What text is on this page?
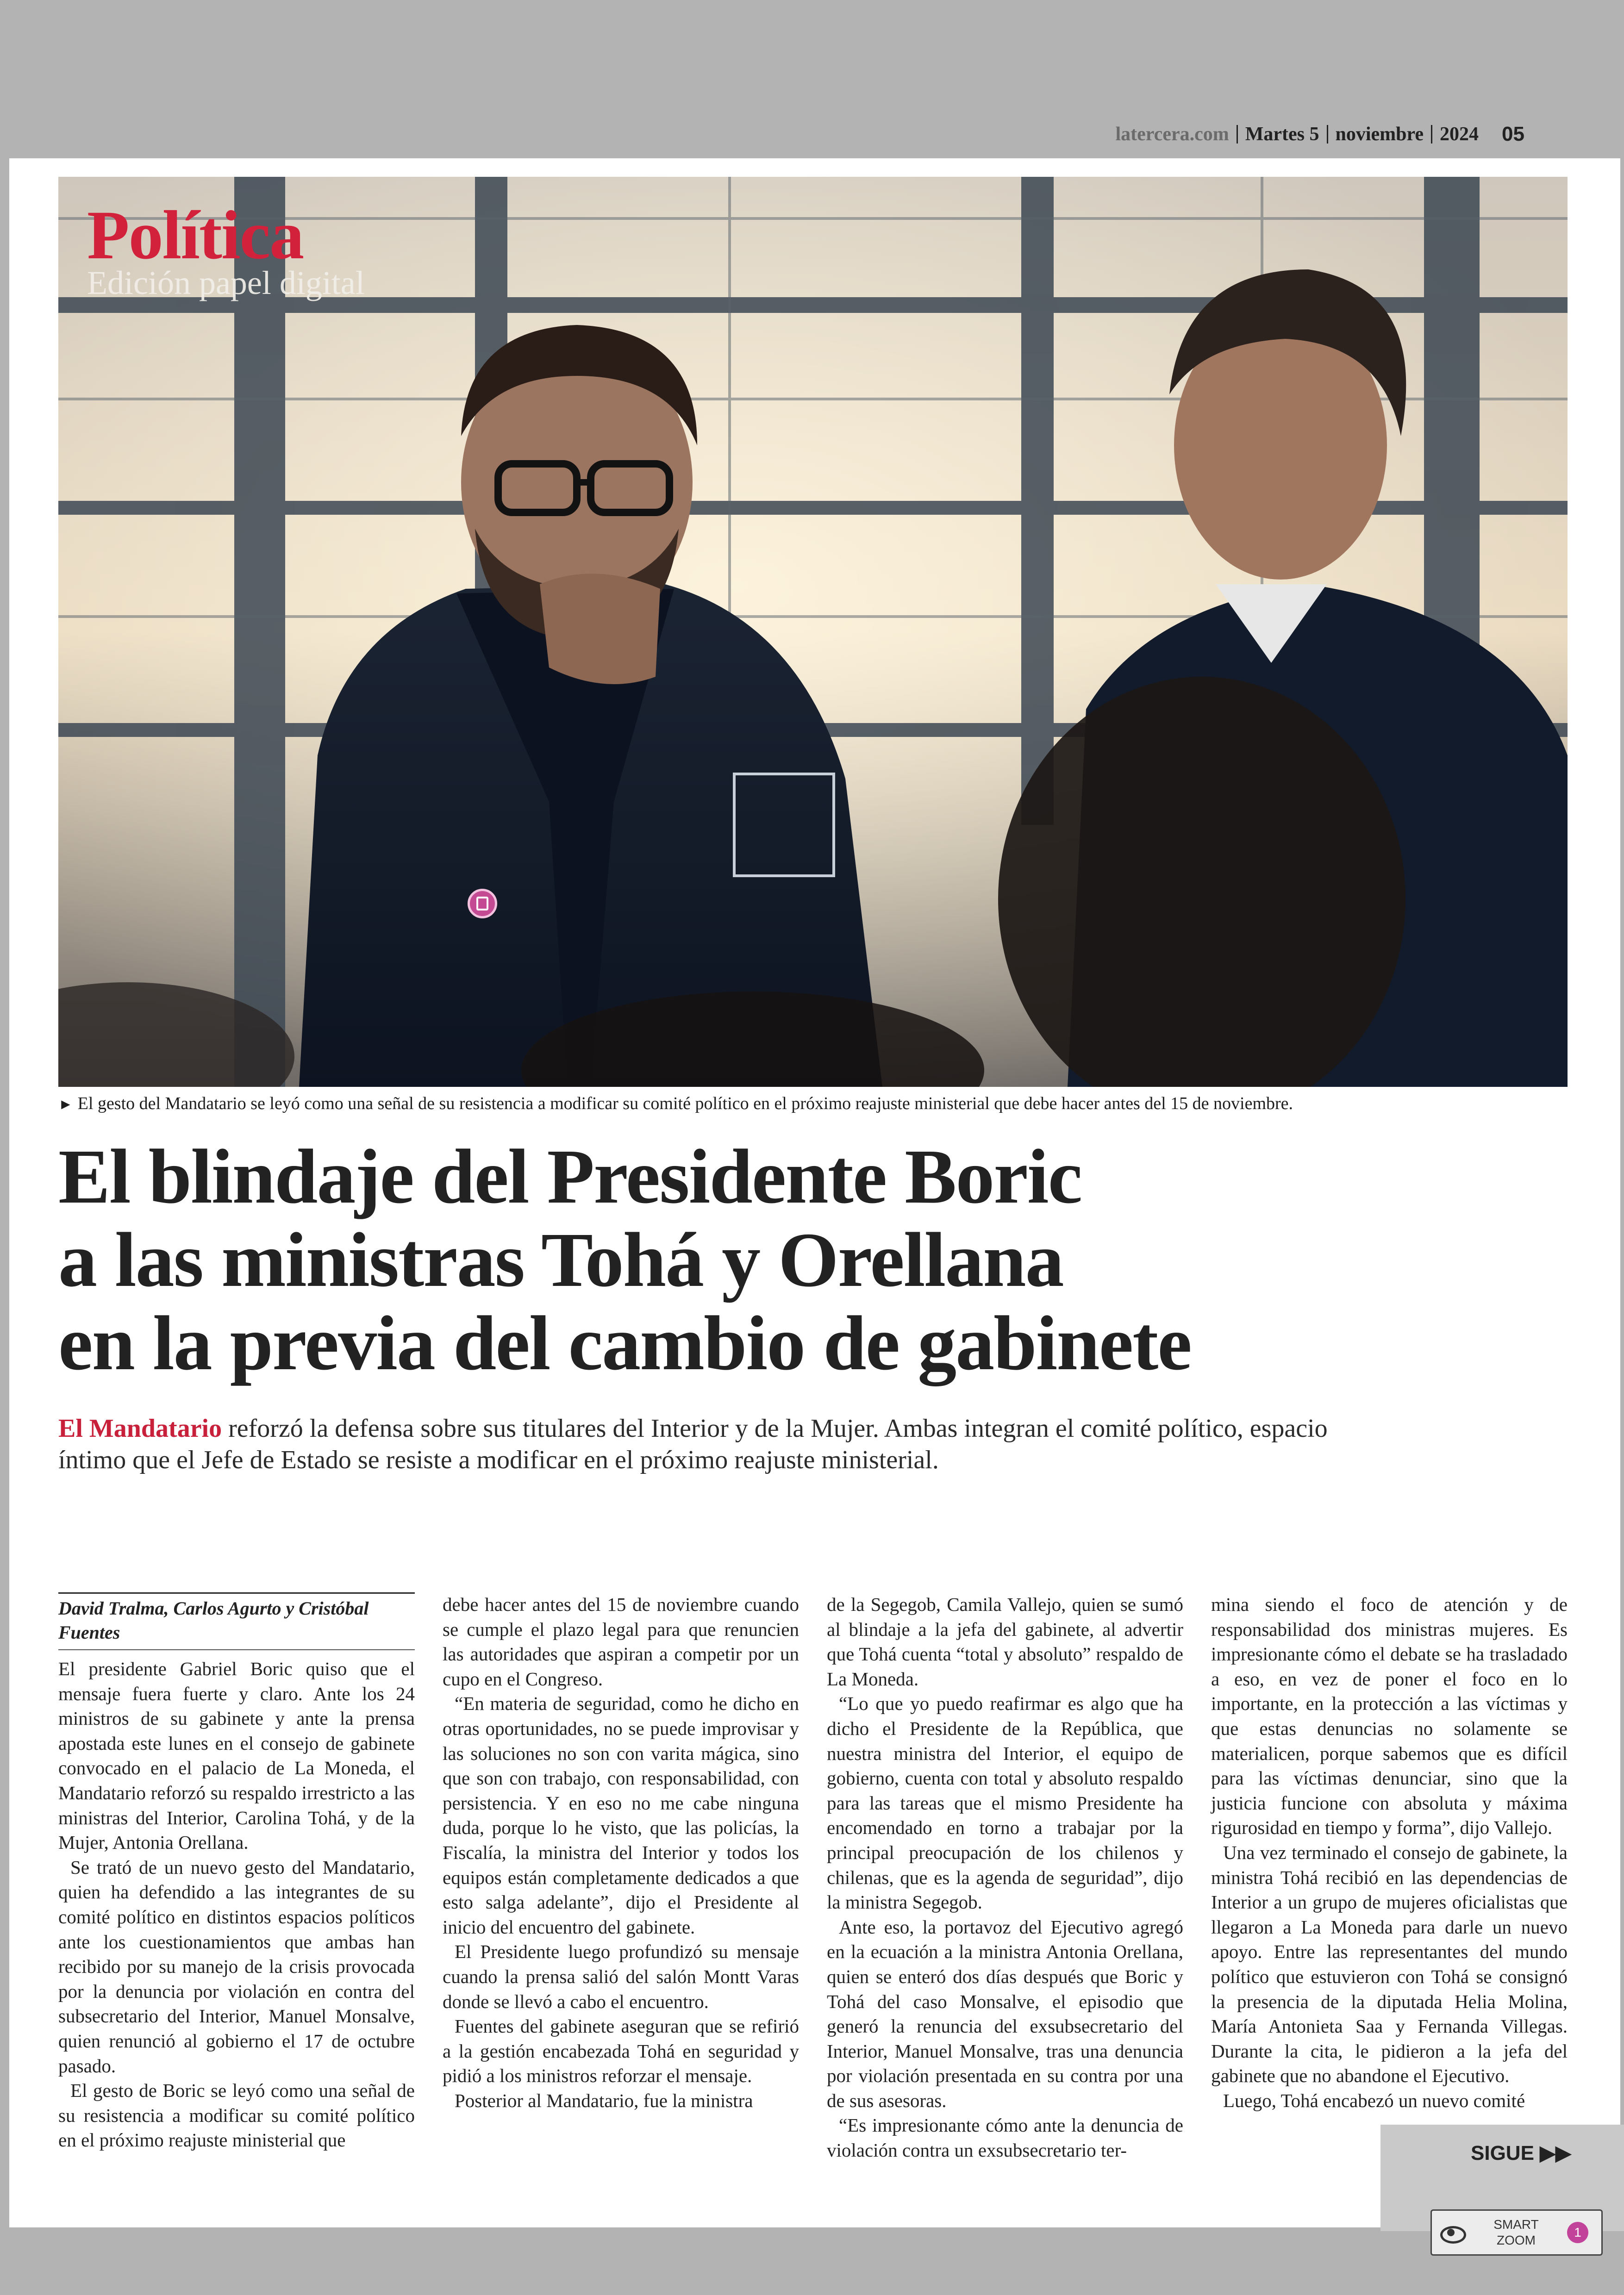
latercera.com Martes 5 noviembre 2024 05
Política
Edición papel digital
► El gesto del Mandatario se leyó como una señal de su resistencia a modificar su comité político en el próximo reajuste ministerial que debe hacer antes del 15 de noviembre.
El blindaje del Presidente Boric
a las ministras Tohá y Orellana
en la previa del cambio de gabinete
El Mandatario reforzó la defensa sobre sus titulares del Interior y de la Mujer. Ambas integran el comité político, espacio íntimo que el Jefe de Estado se resiste a modificar en el próximo reajuste ministerial.
David Tralma, Carlos Agurto y Cristóbal Fuentes

El presidente Gabriel Boric quiso que el mensaje fuera fuerte y claro. Ante los 24 ministros de su gabinete y ante la prensa apostada este lunes en el consejo de gabinete convocado en el palacio de La Moneda, el Mandatario reforzó su respaldo irrestricto a las ministras del Interior, Carolina Tohá, y de la Mujer, Antonia Orellana.

Se trató de un nuevo gesto del Mandatario, quien ha defendido a las integrantes de su comité político en distintos espacios políticos ante los cuestionamientos que ambas han recibido por su manejo de la crisis provocada por la denuncia por violación en contra del subsecretario del Interior, Manuel Monsalve, quien renunció al gobierno el 17 de octubre pasado.

El gesto de Boric se leyó como una señal de su resistencia a modificar su comité político en el próximo reajuste ministerial que

debe hacer antes del 15 de noviembre cuando se cumple el plazo legal para que renuncien las autoridades que aspiran a competir por un cupo en el Congreso.

“En materia de seguridad, como he dicho en otras oportunidades, no se puede improvisar y las soluciones no son con varita mágica, sino que son con trabajo, con responsabilidad, con persistencia. Y en eso no me cabe ninguna duda, porque lo he visto, que las policías, la Fiscalía, la ministra del Interior y todos los equipos están completamente dedicados a que esto salga adelante”, dijo el Presidente al inicio del encuentro del gabinete.

El Presidente luego profundizó su mensaje cuando la prensa salió del salón Montt Varas donde se llevó a cabo el encuentro.

Fuentes del gabinete aseguran que se refirió a la gestión encabezada Tohá en seguridad y pidió a los ministros reforzar el mensaje.

Posterior al Mandatario, fue la ministra

de la Segegob, Camila Vallejo, quien se sumó al blindaje a la jefa del gabinete, al advertir que Tohá cuenta “total y absoluto” respaldo de La Moneda.

“Lo que yo puedo reafirmar es algo que ha dicho el Presidente de la República, que nuestra ministra del Interior, el equipo de gobierno, cuenta con total y absoluto respaldo para las tareas que el mismo Presidente ha encomendado en torno a trabajar por la principal preocupación de los chilenos y chilenas, que es la agenda de seguridad”, dijo la ministra Segegob.

Ante eso, la portavoz del Ejecutivo agregó en la ecuación a la ministra Antonia Orellana, quien se enteró dos días después que Boric y Tohá del caso Monsalve, el episodio que generó la renuncia del exsubsecretario del Interior, Manuel Monsalve, tras una denuncia por violación presentada en su contra por una de sus asesoras.

“Es impresionante cómo ante la denuncia de violación contra un exsubsecretario ter-

mina siendo el foco de atención y de responsabilidad dos ministras mujeres. Es impresionante cómo el debate se ha trasladado a eso, en vez de poner el foco en lo importante, en la protección a las víctimas y que estas denuncias no solamente se materialicen, porque sabemos que es difícil para las víctimas denunciar, sino que la justicia funcione con absoluta y máxima rigurosidad en tiempo y forma”, dijo Vallejo.

Una vez terminado el consejo de gabinete, la ministra Tohá recibió en las dependencias de Interior a un grupo de mujeres oficialistas que llegaron a La Moneda para darle un nuevo apoyo. Entre las representantes del mundo político que estuvieron con Tohá se consignó la presencia de la diputada Helia Molina, María Antonieta Saa y Fernanda Villegas. Durante la cita, le pidieron a la jefa del gabinete que no abandone el Ejecutivo.

Luego, Tohá encabezó un nuevo comité

SIGUE ▶▶
SMART
ZOOM
1
